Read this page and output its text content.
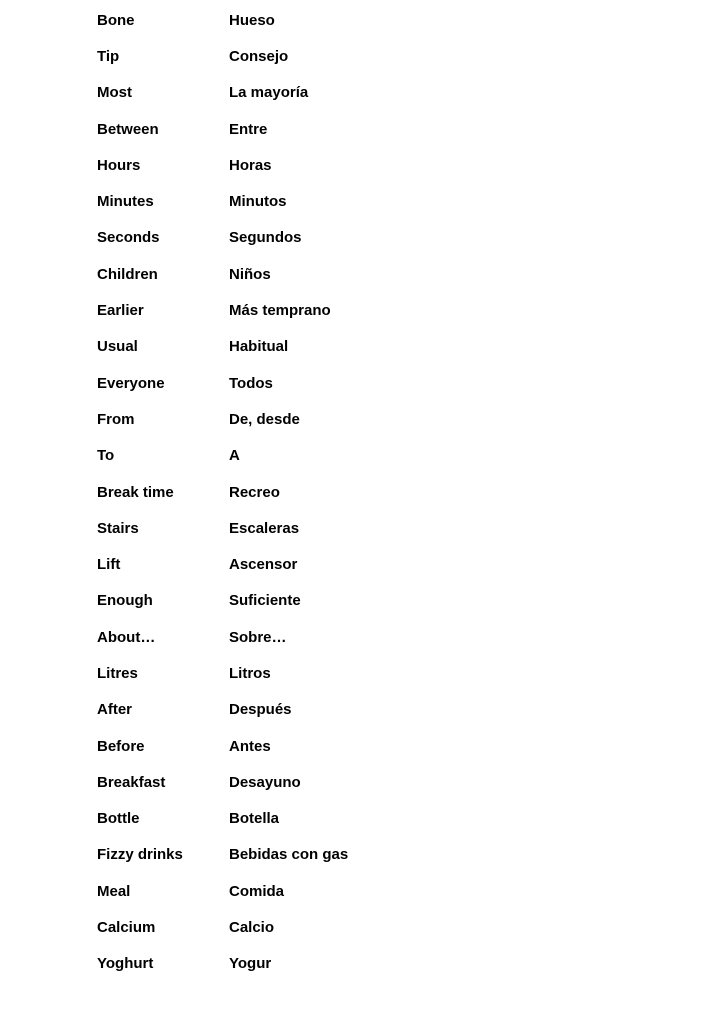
Bone	Hueso
Tip	Consejo
Most	La mayoría
Between	Entre
Hours	Horas
Minutes	Minutos
Seconds	Segundos
Children	Niños
Earlier	Más temprano
Usual	Habitual
Everyone	Todos
From	De, desde
To	A
Break time	Recreo
Stairs	Escaleras
Lift	Ascensor
Enough	Suficiente
About…	Sobre…
Litres	Litros
After	Después
Before	Antes
Breakfast	Desayuno
Bottle	Botella
Fizzy drinks	Bebidas con gas
Meal	Comida
Calcium	Calcio
Yoghurt	Yogur
